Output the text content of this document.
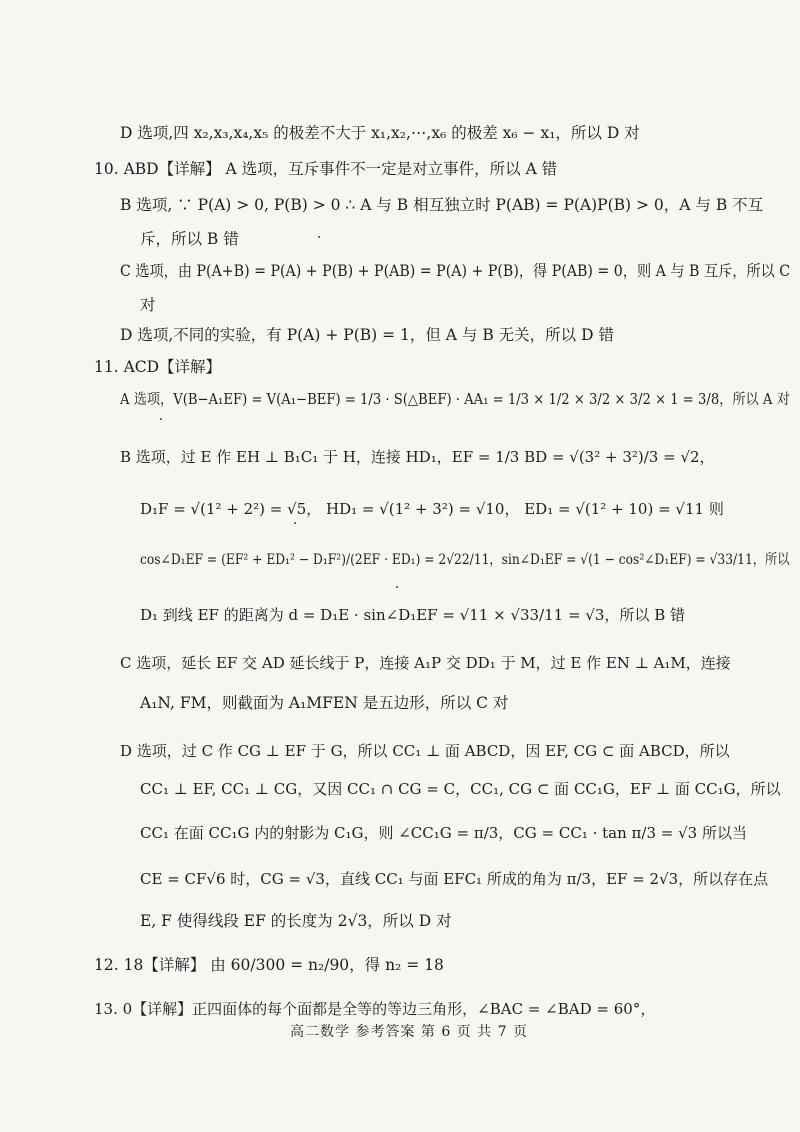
D 选项,四 x₂,x₃,x₄,x₅ 的极差不大于 x₁,x₂,⋯,x₆ 的极差 x₆ − x₁，所以 D 对
10. ABD【详解】 A 选项，互斥事件不一定是对立事件，所以 A 错
B 选项, ∵ P(A) > 0, P(B) > 0 ∴ A 与 B 相互独立时 P(AB) = P(A)P(B) > 0，A 与 B 不互
斥，所以 B 错
C 选项，由 P(A+B) = P(A) + P(B) + P(AB) = P(A) + P(B)，得 P(AB) = 0，则 A 与 B 互斥，所以 C
对
D 选项,不同的实验，有 P(A) + P(B) = 1，但 A 与 B 无关，所以 D 错
11. ACD【详解】
A 选项，V(B−A₁EF) = V(A₁−BEF) = 1/3 · S(△BEF) · AA₁ = 1/3 × 1/2 × 3/2 × 3/2 × 1 = 3/8，所以 A 对
B 选项，过 E 作 EH ⊥ B₁C₁ 于 H，连接 HD₁，EF = 1/3 BD = √(3² + 3²)/3 = √2，
D₁F = √(1² + 2²) = √5， HD₁ = √(1² + 3²) = √10， ED₁ = √(1² + 10) = √11 则
cos∠D₁EF = (EF² + ED₁² − D₁F²)/(2EF · ED₁) = 2√22/11，sin∠D₁EF = √(1 − cos²∠D₁EF) = √33/11，所以
D₁ 到线 EF 的距离为 d = D₁E · sin∠D₁EF = √11 × √33/11 = √3，所以 B 错
C 选项，延长 EF 交 AD 延长线于 P，连接 A₁P 交 DD₁ 于 M，过 E 作 EN ⊥ A₁M，连接
A₁N, FM，则截面为 A₁MFEN 是五边形，所以 C 对
D 选项，过 C 作 CG ⊥ EF 于 G，所以 CC₁ ⊥ 面 ABCD，因 EF, CG ⊂ 面 ABCD，所以
CC₁ ⊥ EF, CC₁ ⊥ CG，又因 CC₁ ∩ CG = C，CC₁, CG ⊂ 面 CC₁G，EF ⊥ 面 CC₁G，所以
CC₁ 在面 CC₁G 内的射影为 C₁G，则 ∠CC₁G = π/3，CG = CC₁ · tan π/3 = √3 所以当
CE = CF√6 时，CG = √3，直线 CC₁ 与面 EFC₁ 所成的角为 π/3，EF = 2√3，所以存在点
E, F 使得线段 EF 的长度为 2√3，所以 D 对
12. 18【详解】 由 60/300 = n₂/90，得 n₂ = 18
13. 0【详解】正四面体的每个面都是全等的等边三角形，∠BAC = ∠BAD = 60°，
高二数学 参考答案 第 6 页 共 7 页
